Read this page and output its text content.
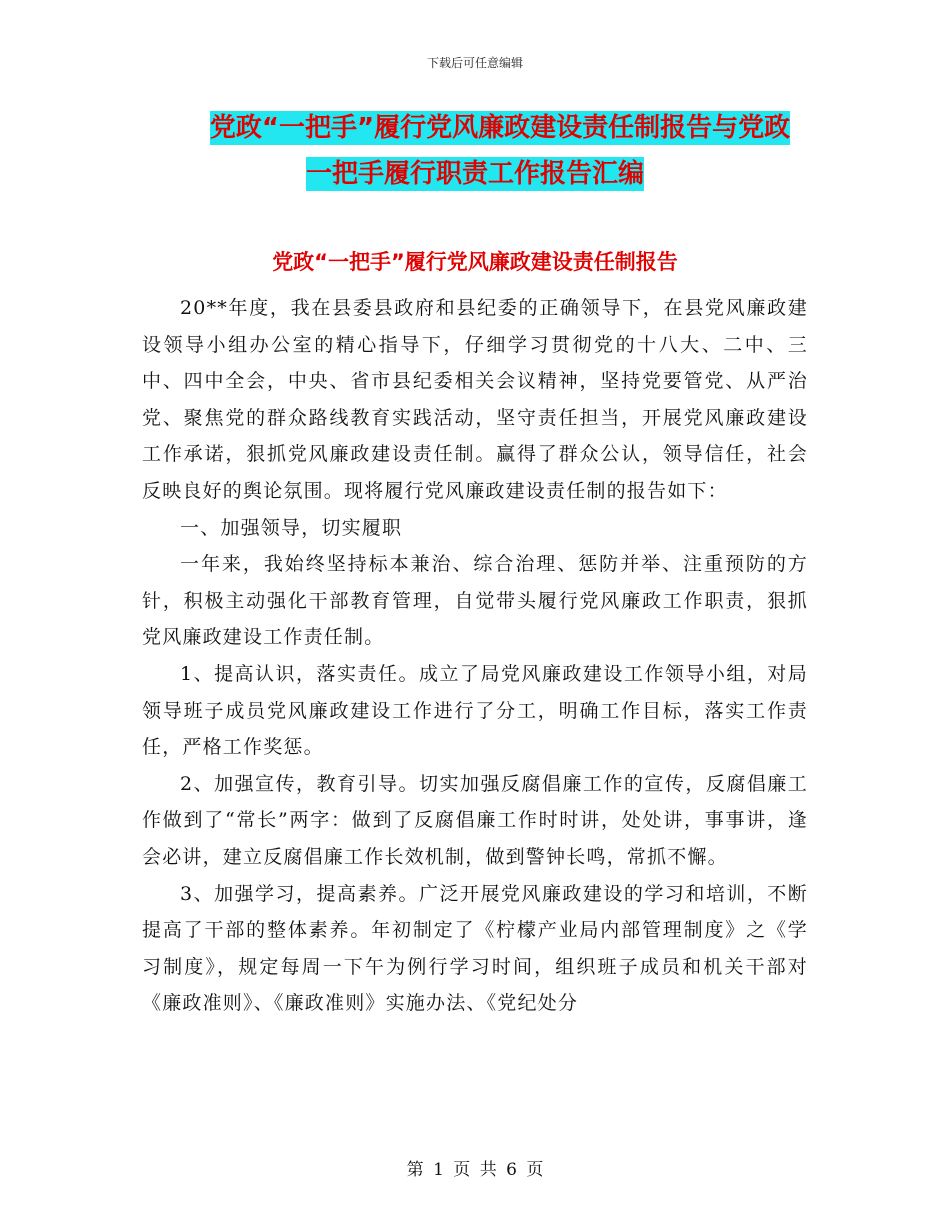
下载后可任意编辑
党政“一把手”履行党风廉政建设责任制报告与党政
一把手履行职责工作报告汇编
党政“一把手”履行党风廉政建设责任制报告

20**年度，我在县委县政府和县纪委的正确领导下，在县党风廉政建设领导小组办公室的精心指导下，仔细学习贯彻党的十八大、二中、三中、四中全会，中央、省市县纪委相关会议精神，坚持党要管党、从严治党、聚焦党的群众路线教育实践活动，坚守责任担当，开展党风廉政建设工作承诺，狠抓党风廉政建设责任制。赢得了群众公认，领导信任，社会反映良好的舆论氛围。现将履行党风廉政建设责任制的报告如下：

一、加强领导，切实履职

一年来，我始终坚持标本兼治、综合治理、惩防并举、注重预防的方针，积极主动强化干部教育管理，自觉带头履行党风廉政工作职责，狠抓党风廉政建设工作责任制。

1、提高认识，落实责任。成立了局党风廉政建设工作领导小组，对局领导班子成员党风廉政建设工作进行了分工，明确工作目标，落实工作责任，严格工作奖惩。

2、加强宣传，教育引导。切实加强反腐倡廉工作的宣传，反腐倡廉工作做到了“常长”两字：做到了反腐倡廉工作时时讲，处处讲，事事讲，逢会必讲，建立反腐倡廉工作长效机制，做到警钟长鸣，常抓不懈。

3、加强学习，提高素养。广泛开展党风廉政建设的学习和培训，不断提高了干部的整体素养。年初制定了《柠檬产业局内部管理制度》之《学习制度》，规定每周一下午为例行学习时间，组织班子成员和机关干部对《廉政准则》、《廉政准则》实施办法、《党纪处分

第 1 页 共 6 页
